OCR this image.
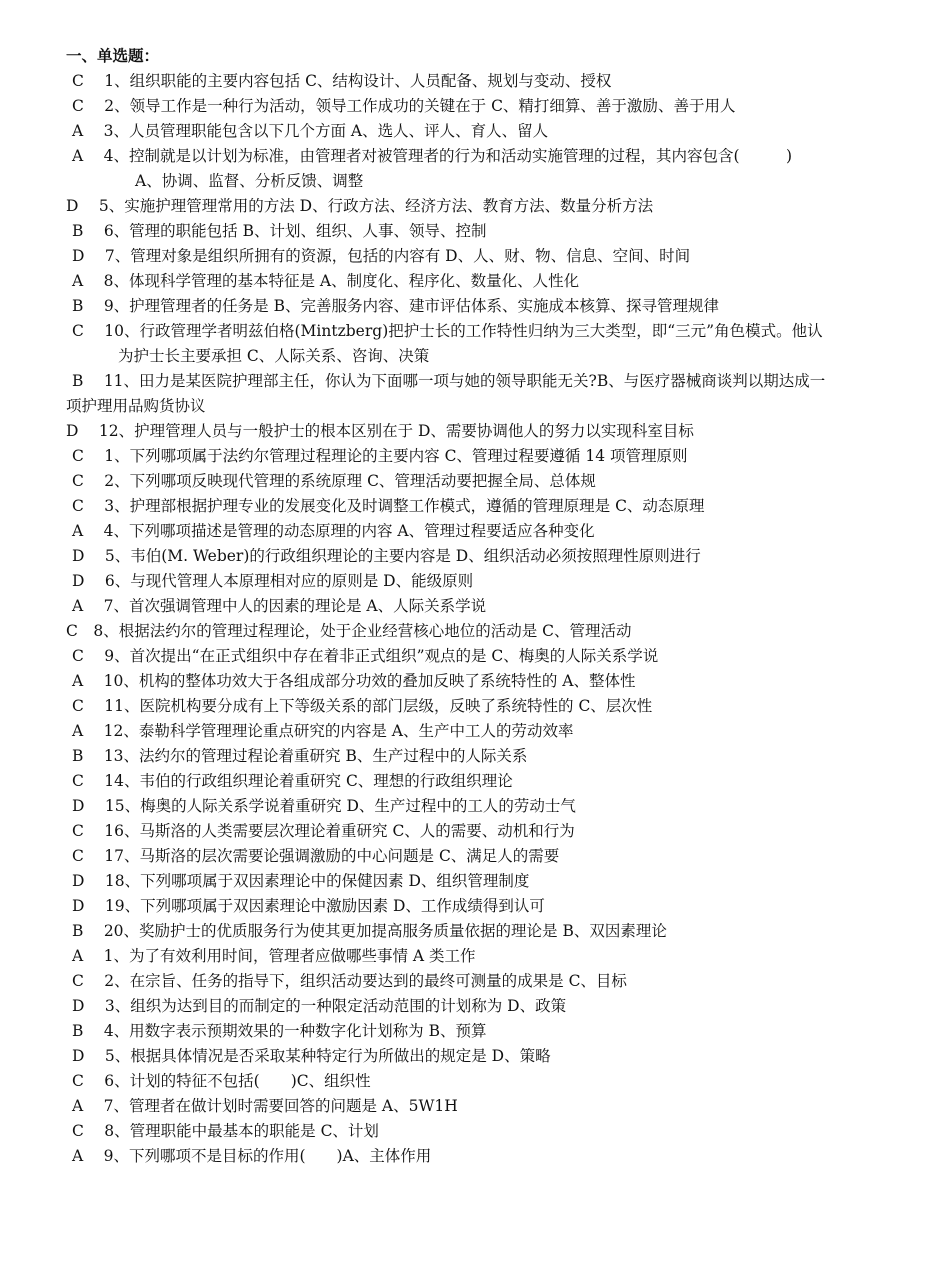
一、单选题：
C　 1、组织职能的主要内容包括 C、结构设计、人员配备、规划与变动、授权
C　 2、领导工作是一种行为活动，领导工作成功的关键在于 C、精打细算、善于激励、善于用人
A　 3、人员管理职能包含以下几个方面 A、选人、评人、育人、留人
A　 4、控制就是以计划为标准，由管理者对被管理者的行为和活动实施管理的过程，其内容包含(　　　)
A、协调、监督、分析反馈、调整
D　 5、实施护理管理常用的方法 D、行政方法、经济方法、教育方法、数量分析方法
B　 6、管理的职能包括 B、计划、组织、人事、领导、控制
D　 7、管理对象是组织所拥有的资源，包括的内容有 D、人、财、物、信息、空间、时间
A　 8、体现科学管理的基本特征是 A、制度化、程序化、数量化、人性化
B　 9、护理管理者的任务是 B、完善服务内容、建市评估体系、实施成本核算、探寻管理规律
C　 10、行政管理学者明兹伯格(Mintzberg)把护士长的工作特性归纳为三大类型，即“三元”角色模式。他认
为护士长主要承担 C、人际关系、咨询、决策
B　 11、田力是某医院护理部主任，你认为下面哪一项与她的领导职能无关?B、与医疗器械商谈判以期达成一
项护理用品购货协议
D　 12、护理管理人员与一般护士的根本区别在于 D、需要协调他人的努力以实现科室目标
C　 1、下列哪项属于法约尔管理过程理论的主要内容 C、管理过程要遵循 14 项管理原则
C　 2、下列哪项反映现代管理的系统原理 C、管理活动要把握全局、总体规
C　 3、护理部根据护理专业的发展变化及时调整工作模式，遵循的管理原理是 C、动态原理
A　 4、下列哪项描述是管理的动态原理的内容 A、管理过程要适应各种变化
D　 5、韦伯(M. Weber)的行政组织理论的主要内容是 D、组织活动必须按照理性原则进行
D　 6、与现代管理人本原理相对应的原则是 D、能级原则
A　 7、首次强调管理中人的因素的理论是 A、人际关系学说
C　8、根据法约尔的管理过程理论，处于企业经营核心地位的活动是 C、管理活动
C　 9、首次提出“在正式组织中存在着非正式组织”观点的是 C、梅奥的人际关系学说
A　 10、机构的整体功效大于各组成部分功效的叠加反映了系统特性的 A、整体性
C　 11、医院机构要分成有上下等级关系的部门层级，反映了系统特性的 C、层次性
A　 12、泰勒科学管理理论重点研究的内容是 A、生产中工人的劳动效率
B　 13、法约尔的管理过程论着重研究 B、生产过程中的人际关系
C　 14、韦伯的行政组织理论着重研究 C、理想的行政组织理论
D　 15、梅奥的人际关系学说着重研究 D、生产过程中的工人的劳动士气
C　 16、马斯洛的人类需要层次理论着重研究 C、人的需要、动机和行为
C　 17、马斯洛的层次需要论强调激励的中心问题是 C、满足人的需要
D　 18、下列哪项属于双因素理论中的保健因素 D、组织管理制度
D　 19、下列哪项属于双因素理论中激励因素 D、工作成绩得到认可
B　 20、奖励护士的优质服务行为使其更加提高服务质量依据的理论是 B、双因素理论
A　 1、为了有效利用时间，管理者应做哪些事情 A 类工作
C　 2、在宗旨、任务的指导下，组织活动要达到的最终可测量的成果是 C、目标
D　 3、组织为达到目的而制定的一种限定活动范围的计划称为 D、政策
B　 4、用数字表示预期效果的一种数字化计划称为 B、预算
D　 5、根据具体情况是否采取某种特定行为所做出的规定是 D、策略
C　 6、计划的特征不包括(　　)C、组织性
A　 7、管理者在做计划时需要回答的问题是 A、5W1H
C　 8、管理职能中最基本的职能是 C、计划
A　 9、下列哪项不是目标的作用(　　)A、主体作用
